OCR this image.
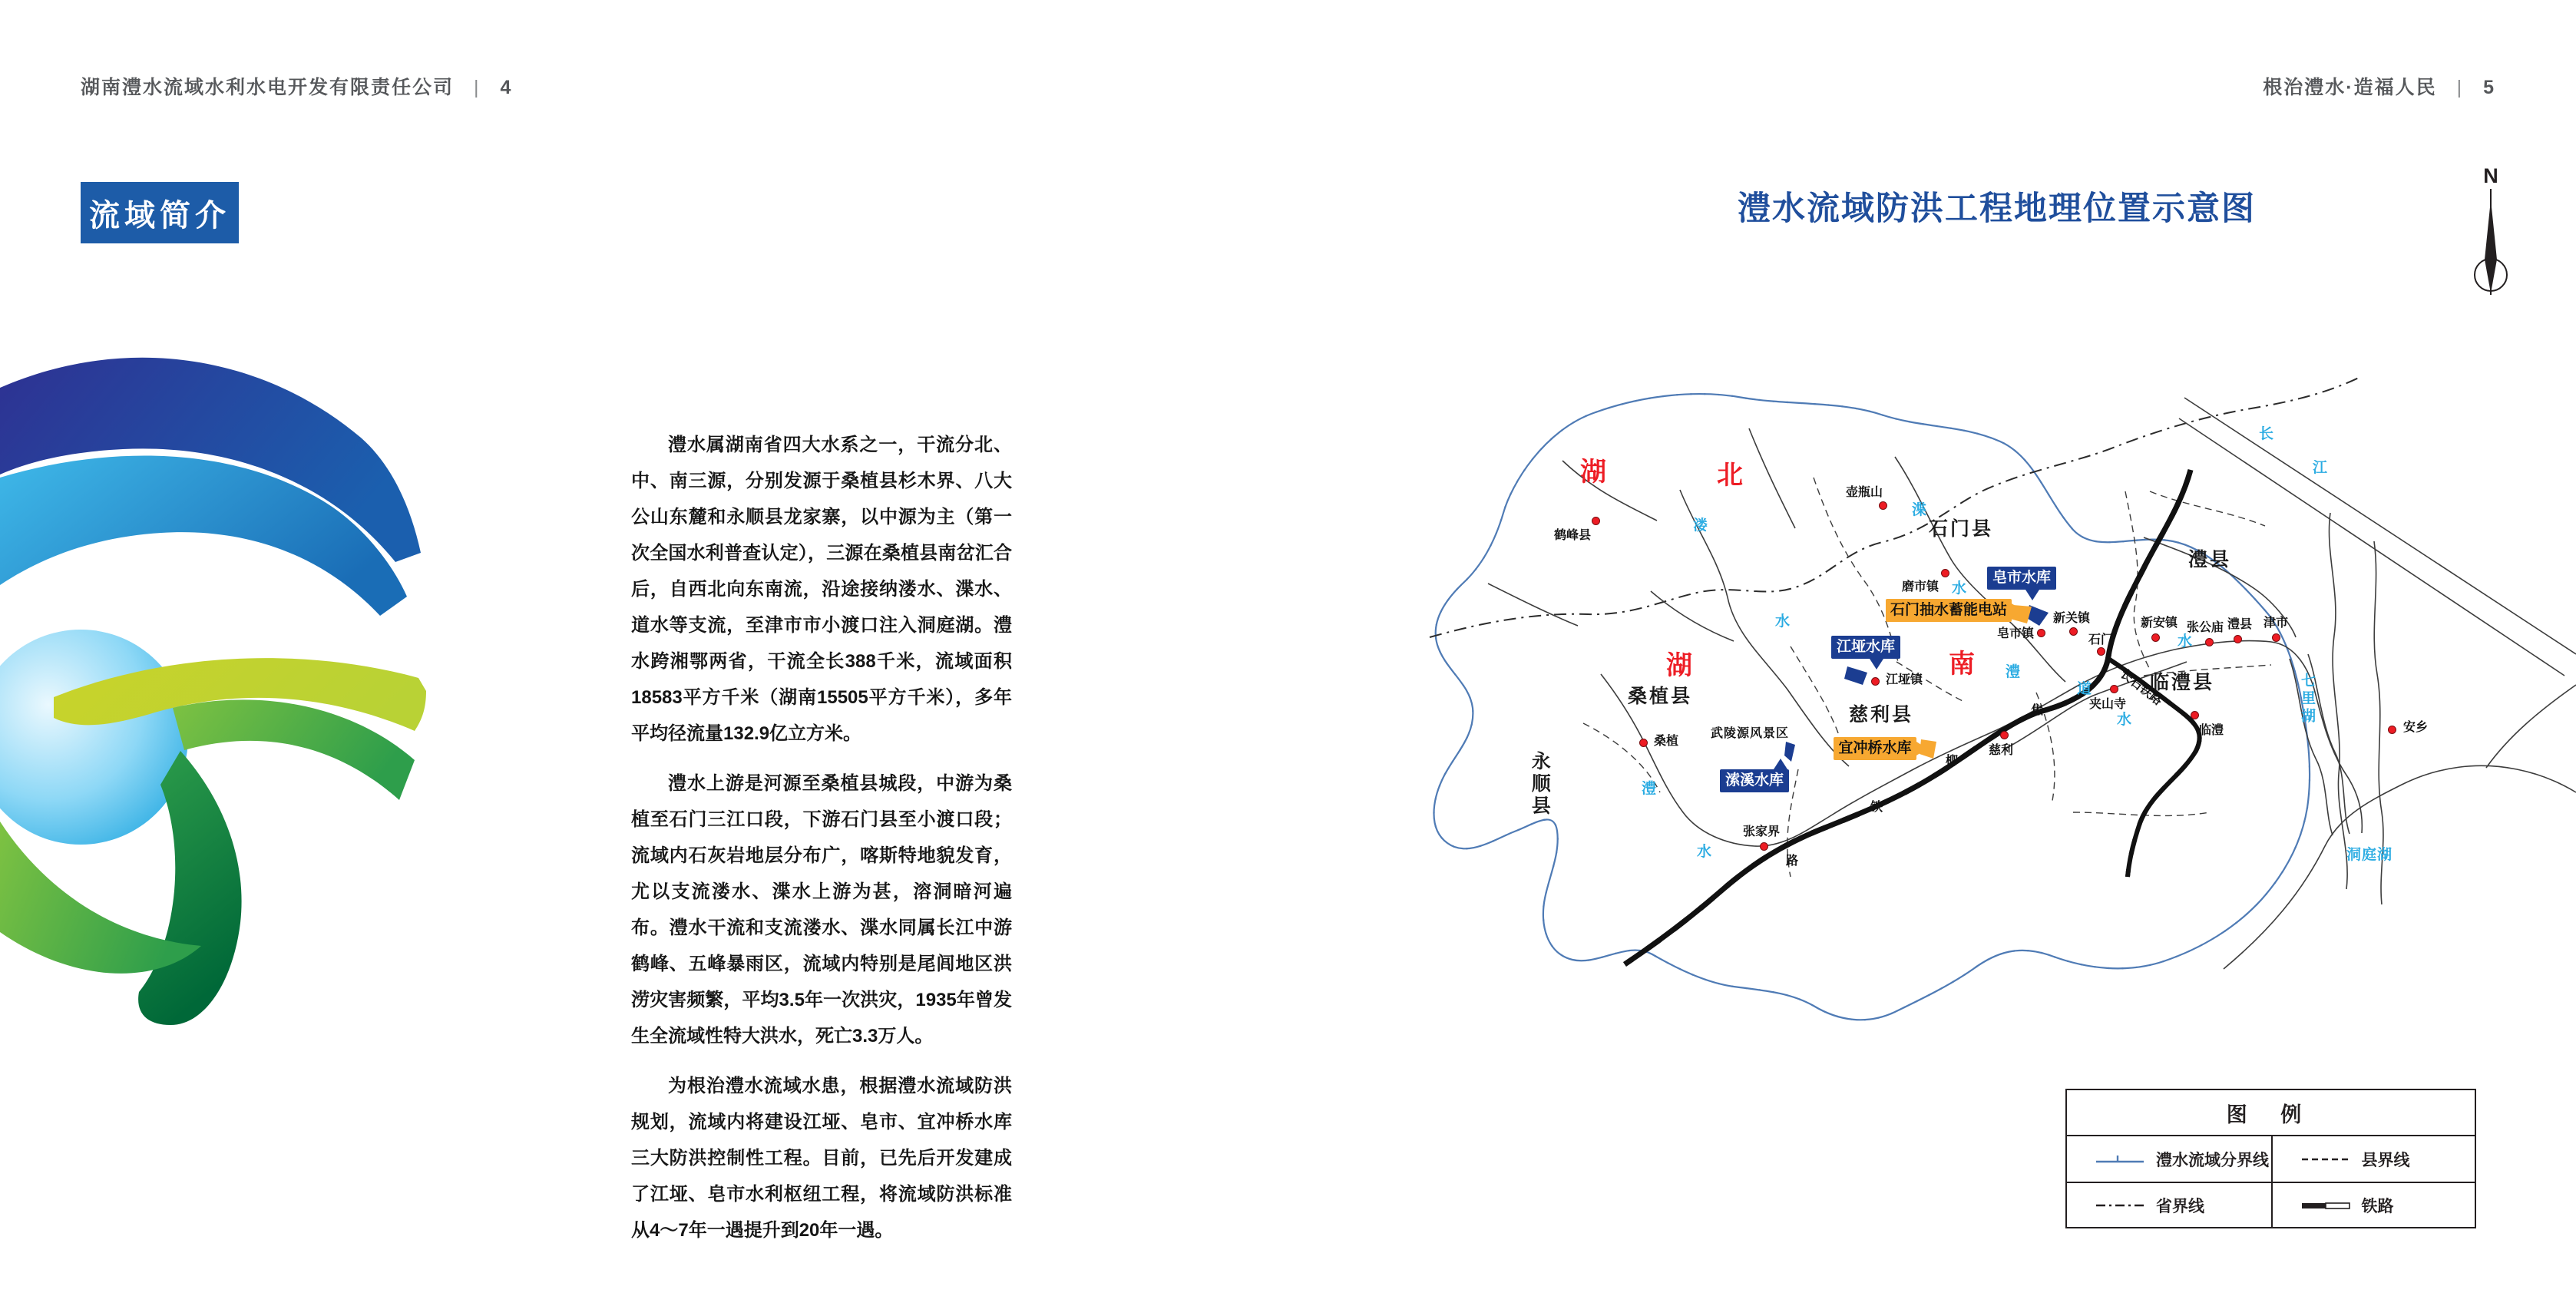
湖南澧水流域水利水电开发有限责任公司 | 4	根治澧水·造福人民 | 5
流域简介

澧水属湖南省四大水系之一，干流分北、中、南三源，分别发源于桑植县杉木界、八大公山东麓和永顺县龙家寨，以中源为主（第一次全国水利普查认定），三源在桑植县南岔汇合后，自西北向东南流，沿途接纳溇水、渫水、道水等支流，至津市市小渡口注入洞庭湖。澧水跨湘鄂两省，干流全长388千米，流域面积18583平方千米（湖南15505平方千米），多年平均径流量132.9亿立方米。

澧水上游是河源至桑植县城段，中游为桑植至石门三江口段，下游石门县至小渡口段；流域内石灰岩地层分布广，喀斯特地貌发育，尤以支流溇水、渫水上游为甚，溶洞暗河遍布。澧水干流和支流溇水、渫水同属长江中游鹤峰、五峰暴雨区，流域内特别是尾闾地区洪涝灾害频繁，平均3.5年一次洪灾，1935年曾发生全流域性特大洪水，死亡3.3万人。

为根治澧水流域水患，根据澧水流域防洪规划，流域内将建设江垭、皂市、宜冲桥水库三大防洪控制性工程。目前，已先后开发建成了江垭、皂市水利枢纽工程，将流域防洪标准从4～7年一遇提升到20年一遇。

澧水流域防洪工程地理位置示意图
N
湖	北
湖	南
石门县
澧县
临澧县
慈利县
桑植县
永顺县
溇
水
渫
水
澧
水
澧
水
道
水
长
江
七里湖
洞庭湖
焦
柳
铁
路
长石铁路
武陵源风景区
鹤峰县
壶瓶山
磨市镇
皂市镇
新关镇
石门
新安镇 张公庙 澧县 津市
临澧
夹山寺
慈利
江垭镇
桑植
张家界
安乡
江垭水库
皂市水库
溹溪水库
宜冲桥水库
石门抽水蓄能电站
图 例
澧水流域分界线	县界线
省界线	铁路
